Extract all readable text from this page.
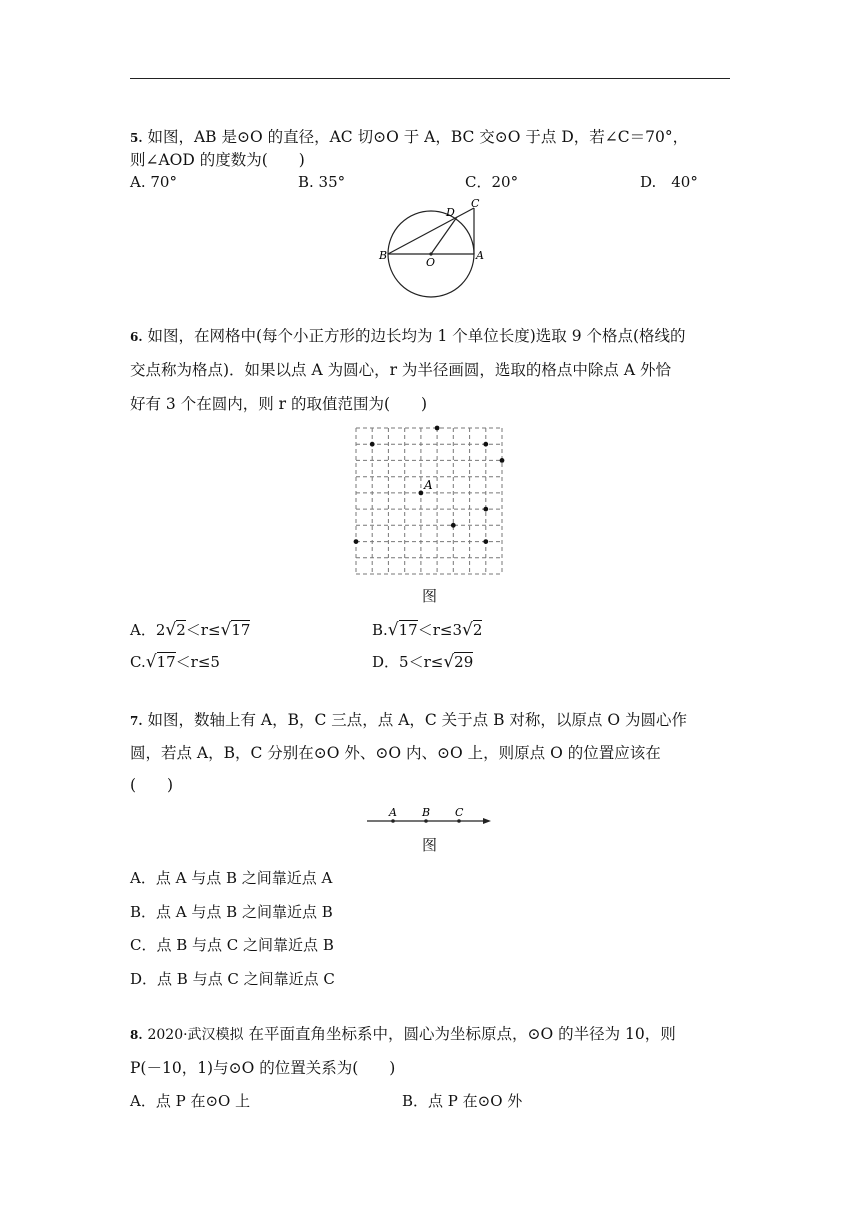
5. 如图，AB 是⊙O 的直径，AC 切⊙O 于 A，BC 交⊙O 于点 D，若∠C＝70°，
则∠AOD 的度数为(　　)
A. 70°	B. 35°	C．20°	D.　40°
B
O
A
D
C
6. 如图，在网格中(每个小正方形的边长均为 1 个单位长度)选取 9 个格点(格线的
交点称为格点)．如果以点 A 为圆心，r 为半径画圆，选取的格点中除点 A 外恰
好有 3 个在圆内，则 r 的取值范围为(　　)
A
图
A．2√2＜r≤√17	B.√17＜r≤3√2
C.√17＜r≤5	D．5＜r≤√29
7. 如图，数轴上有 A，B，C 三点，点 A，C 关于点 B 对称，以原点 O 为圆心作
圆，若点 A，B，C 分别在⊙O 外、⊙O 内、⊙O 上，则原点 O 的位置应该在
(　　)
A B C
图
A．点 A 与点 B 之间靠近点 A
B．点 A 与点 B 之间靠近点 B
C．点 B 与点 C 之间靠近点 B
D．点 B 与点 C 之间靠近点 C
8. 2020·武汉模拟 在平面直角坐标系中，圆心为坐标原点，⊙O 的半径为 10，则
P(－10，1)与⊙O 的位置关系为(　　)
A．点 P 在⊙O 上	B．点 P 在⊙O 外
